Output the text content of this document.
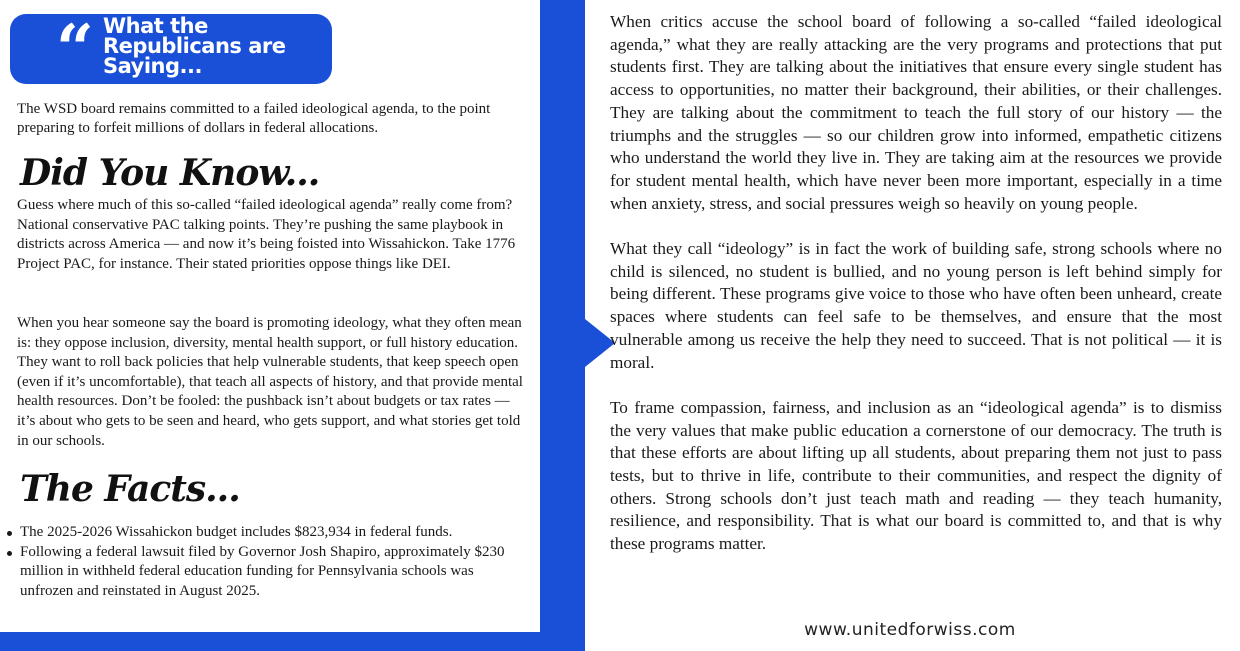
“ What the Republicans are Saying...
The WSD board remains committed to a failed ideological agenda, to the point preparing to forfeit millions of dollars in federal allocations.
Did You Know...
Guess where much of this so-called “failed ideological agenda” really come from? National conservative PAC talking points. They’re pushing the same playbook in districts across America — and now it’s being foisted into Wissahickon. Take 1776 Project PAC, for instance. Their stated priorities oppose things like DEI.
When you hear someone say the board is promoting ideology, what they often mean is: they oppose inclusion, diversity, mental health support, or full history education. They want to roll back policies that help vulnerable students, that keep speech open (even if it’s uncomfortable), that teach all aspects of history, and that provide mental health resources. Don’t be fooled: the pushback isn’t about budgets or tax rates — it’s about who gets to be seen and heard, who gets support, and what stories get told in our schools.
The Facts...
The 2025-2026 Wissahickon budget includes $823,934 in federal funds.
Following a federal lawsuit filed by Governor Josh Shapiro, approximately $230 million in withheld federal education funding for Pennsylvania schools was unfrozen and reinstated in August 2025.

When critics accuse the school board of following a so-called “failed ideological agenda,” what they are really attacking are the very programs and protections that put students first. They are talking about the initiatives that ensure every single student has access to opportunities, no matter their background, their abilities, or their challenges. They are talking about the commitment to teach the full story of our history — the triumphs and the struggles — so our children grow into informed, empathetic citizens who understand the world they live in. They are taking aim at the resources we provide for student mental health, which have never been more important, especially in a time when anxiety, stress, and social pressures weigh so heavily on young people.

What they call “ideology” is in fact the work of building safe, strong schools where no child is silenced, no student is bullied, and no young person is left behind simply for being different. These programs give voice to those who have often been unheard, create spaces where students can feel safe to be themselves, and ensure that the most vulnerable among us receive the help they need to succeed. That is not political — it is moral.

To frame compassion, fairness, and inclusion as an “ideological agenda” is to dismiss the very values that make public education a cornerstone of our democracy. The truth is that these efforts are about lifting up all students, about preparing them not just to pass tests, but to thrive in life, contribute to their communities, and respect the dignity of others. Strong schools don’t just teach math and reading — they teach humanity, resilience, and responsibility. That is what our board is committed to, and that is why these programs matter.

www.unitedforwiss.com
